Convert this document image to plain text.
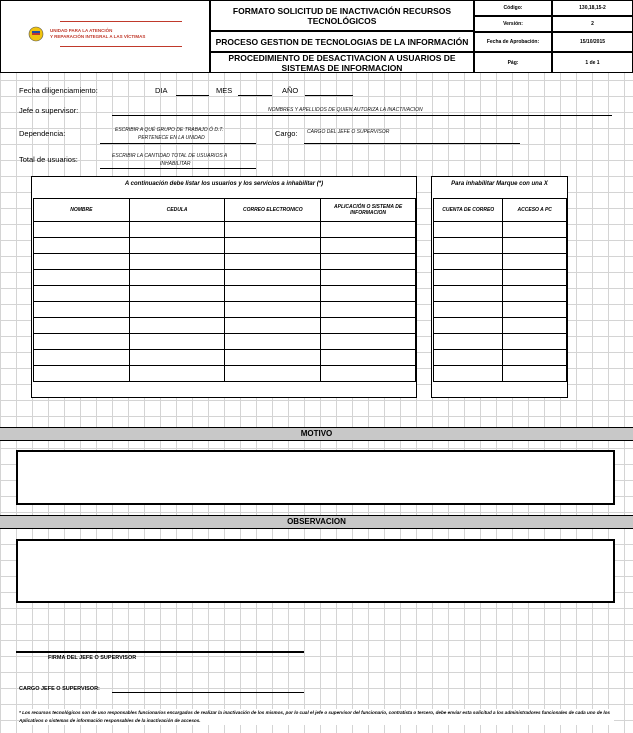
UNIDAD PARA LA ATENCIÓN
Y REPARACIÓN INTEGRAL A LAS VÍCTIMAS
FORMATO SOLICITUD DE INACTIVACIÓN RECURSOS TECNOLÓGICOS
PROCESO GESTION DE TECNOLOGIAS DE LA INFORMACIÓN
PROCEDIMIENTO DE DESACTIVACION A USUARIOS DE SISTEMAS DE INFORMACION
Código:	130,18,15-2
Versión:	2
Fecha de Aprobación:	15/10/2015
Pág:	1 de 1
Fecha diligenciamiento:	DIA	MES	AÑO
Jefe o supervisor:	NOMBRES Y APELLIDOS DE QUIEN AUTORIZA LA INACTIVACION
Dependencia:	ESCRIBIR A QUÉ GRUPO DE TRABAJO Ó D.T.
PERTENECE EN LA UNIDAD	Cargo: CARGO DEL JEFE O SUPERVISOR
Total de usuarios:	ESCRIBIR LA CANTIDAD TOTAL DE USUARIOS A
INHABILITAR
A continuación debe listar los usuarios y los servicios a inhabilitar (*)
NOMBRE	CEDULA	CORREO ELECTRONICO	APLICACIÓN O SISTEMA DE INFORMACION

Para inhabilitar Marque con una X
CUENTA DE CORREO	ACCESO A PC

MOTIVO
OBSERVACION
FIRMA DEL JEFE O SUPERVISOR
CARGO JEFE O SUPERVISOR:
* Los recursos tecnológicos son de uso responsables funcionarios encargados de realizar la inactivación de los mismos, por lo cual el jefe o supervisor del funcionario, contratista o tercero, debe enviar esta solicitud a los administradores funcionales de cada uno de los Aplicativos o sistemas de información responsables de la inactivación de accesos.
